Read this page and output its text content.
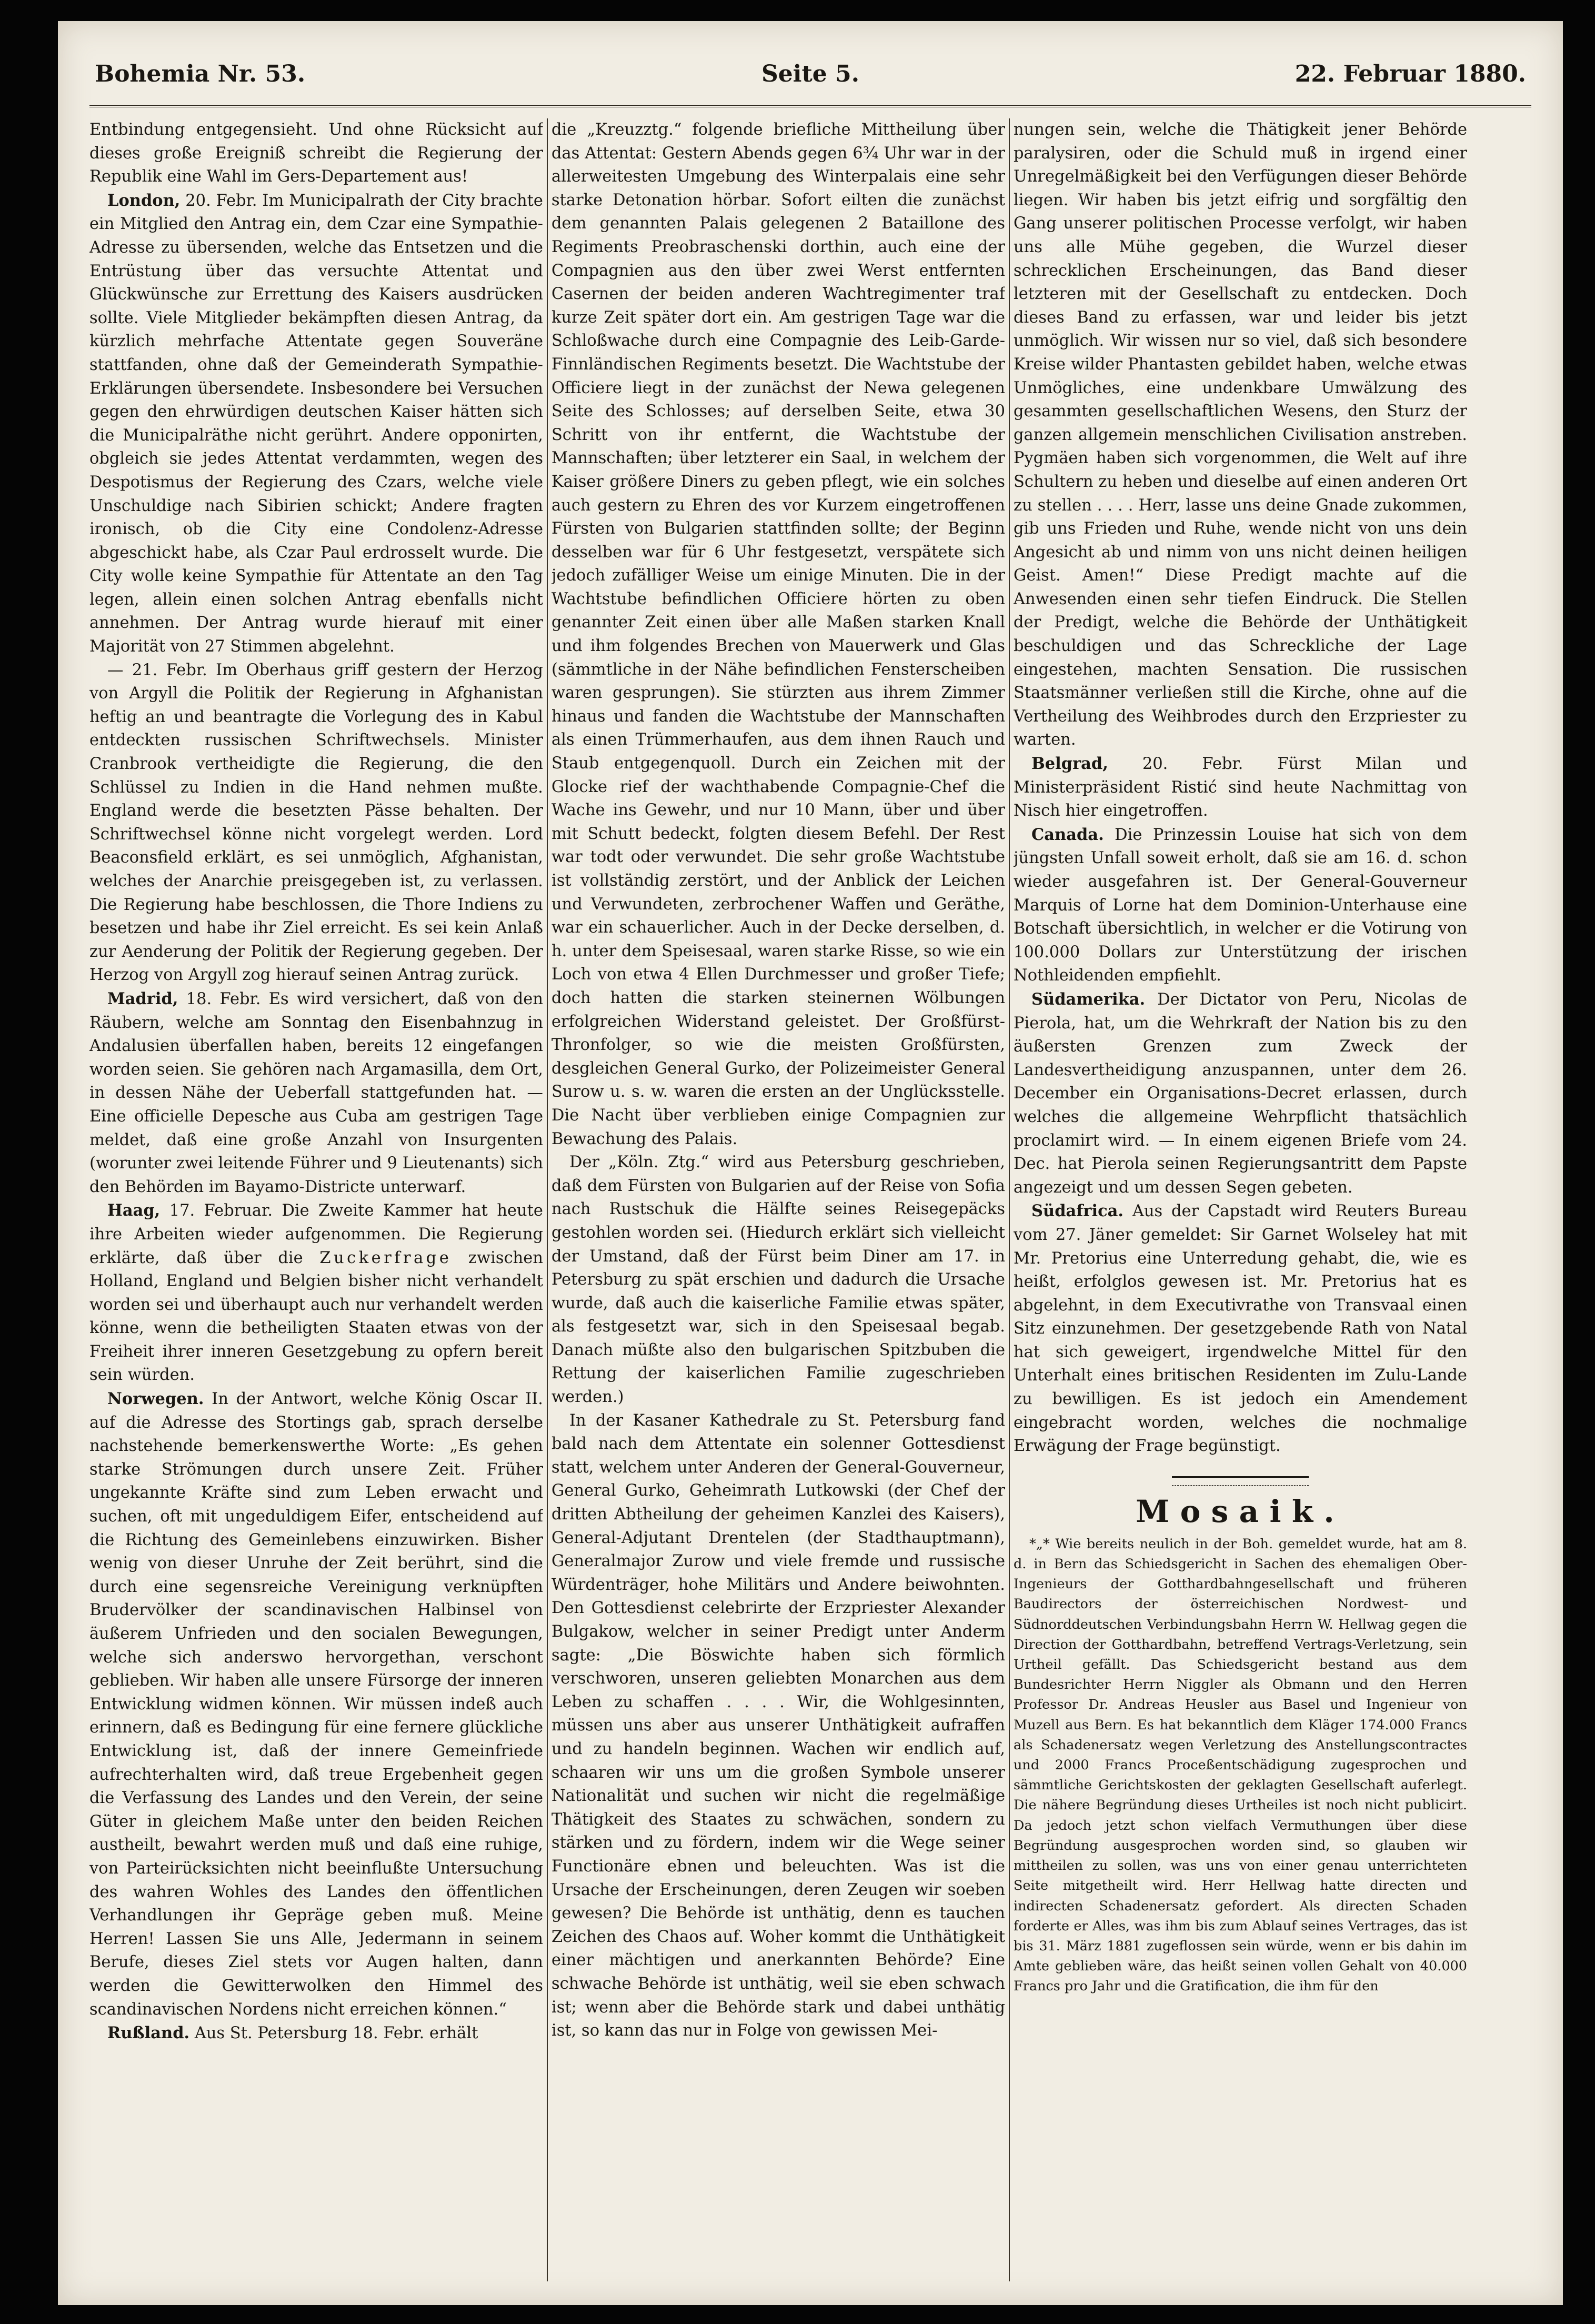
Bohemia Nr. 53.	Seite 5.	22. Februar 1880.

Entbindung entgegensieht. Und ohne Rücksicht auf dieses große Ereigniß schreibt die Regierung der Republik eine Wahl im Gers-Departement aus!

London, 20. Febr. Im Municipalrath der City brachte ein Mitglied den Antrag ein, dem Czar eine Sympathie-Adresse zu übersenden, welche das Entsetzen und die Entrüstung über das versuchte Attentat und Glückwünsche zur Errettung des Kaisers ausdrücken sollte. Viele Mitglieder bekämpften diesen Antrag, da kürzlich mehrfache Attentate gegen Souveräne stattfanden, ohne daß der Gemeinderath Sympathie-Erklärungen übersendete. Insbesondere bei Versuchen gegen den ehrwürdigen deutschen Kaiser hätten sich die Municipalräthe nicht gerührt. Andere opponirten, obgleich sie jedes Attentat verdammten, wegen des Despotismus der Regierung des Czars, welche viele Unschuldige nach Sibirien schickt; Andere fragten ironisch, ob die City eine Condolenz-Adresse abgeschickt habe, als Czar Paul erdrosselt wurde. Die City wolle keine Sympathie für Attentate an den Tag legen, allein einen solchen Antrag ebenfalls nicht annehmen. Der Antrag wurde hierauf mit einer Majorität von 27 Stimmen abgelehnt.

— 21. Febr. Im Oberhaus griff gestern der Herzog von Argyll die Politik der Regierung in Afghanistan heftig an und beantragte die Vorlegung des in Kabul entdeckten russischen Schriftwechsels. Minister Cranbrook vertheidigte die Regierung, die den Schlüssel zu Indien in die Hand nehmen mußte. England werde die besetzten Pässe behalten. Der Schriftwechsel könne nicht vorgelegt werden. Lord Beaconsfield erklärt, es sei unmöglich, Afghanistan, welches der Anarchie preisgegeben ist, zu verlassen. Die Regierung habe beschlossen, die Thore Indiens zu besetzen und habe ihr Ziel erreicht. Es sei kein Anlaß zur Aenderung der Politik der Regierung gegeben. Der Herzog von Argyll zog hierauf seinen Antrag zurück.

Madrid, 18. Febr. Es wird versichert, daß von den Räubern, welche am Sonntag den Eisenbahnzug in Andalusien überfallen haben, bereits 12 eingefangen worden seien. Sie gehören nach Argamasilla, dem Ort, in dessen Nähe der Ueberfall stattgefunden hat. — Eine officielle Depesche aus Cuba am gestrigen Tage meldet, daß eine große Anzahl von Insurgenten (worunter zwei leitende Führer und 9 Lieutenants) sich den Behörden im Bayamo-Districte unterwarf.

Haag, 17. Februar. Die Zweite Kammer hat heute ihre Arbeiten wieder aufgenommen. Die Regierung erklärte, daß über die Zuckerfrage zwischen Holland, England und Belgien bisher nicht verhandelt worden sei und überhaupt auch nur verhandelt werden könne, wenn die betheiligten Staaten etwas von der Freiheit ihrer inneren Gesetzgebung zu opfern bereit sein würden.

Norwegen. In der Antwort, welche König Oscar II. auf die Adresse des Stortings gab, sprach derselbe nachstehende bemerkenswerthe Worte: „Es gehen starke Strömungen durch unsere Zeit. Früher ungekannte Kräfte sind zum Leben erwacht und suchen, oft mit ungeduldigem Eifer, entscheidend auf die Richtung des Gemeinlebens einzuwirken. Bisher wenig von dieser Unruhe der Zeit berührt, sind die durch eine segensreiche Vereinigung verknüpften Brudervölker der scandinavischen Halbinsel von äußerem Unfrieden und den socialen Bewegungen, welche sich anderswo hervorgethan, verschont geblieben. Wir haben alle unsere Fürsorge der inneren Entwicklung widmen können. Wir müssen indeß auch erinnern, daß es Bedingung für eine fernere glückliche Entwicklung ist, daß der innere Gemeinfriede aufrechterhalten wird, daß treue Ergebenheit gegen die Verfassung des Landes und den Verein, der seine Güter in gleichem Maße unter den beiden Reichen austheilt, bewahrt werden muß und daß eine ruhige, von Parteirücksichten nicht beeinflußte Untersuchung des wahren Wohles des Landes den öffentlichen Verhandlungen ihr Gepräge geben muß. Meine Herren! Lassen Sie uns Alle, Jedermann in seinem Berufe, dieses Ziel stets vor Augen halten, dann werden die Gewitterwolken den Himmel des scandinavischen Nordens nicht erreichen können.“

Rußland. Aus St. Petersburg 18. Febr. erhält

die „Kreuzztg.“ folgende briefliche Mittheilung über das Attentat: Gestern Abends gegen 6¾ Uhr war in der allerweitesten Umgebung des Winterpalais eine sehr starke Detonation hörbar. Sofort eilten die zunächst dem genannten Palais gelegenen 2 Bataillone des Regiments Preobraschenski dorthin, auch eine der Compagnien aus den über zwei Werst entfernten Casernen der beiden anderen Wachtregimenter traf kurze Zeit später dort ein. Am gestrigen Tage war die Schloßwache durch eine Compagnie des Leib-Garde-Finnländischen Regiments besetzt. Die Wachtstube der Officiere liegt in der zunächst der Newa gelegenen Seite des Schlosses; auf derselben Seite, etwa 30 Schritt von ihr entfernt, die Wachtstube der Mannschaften; über letzterer ein Saal, in welchem der Kaiser größere Diners zu geben pflegt, wie ein solches auch gestern zu Ehren des vor Kurzem eingetroffenen Fürsten von Bulgarien stattfinden sollte; der Beginn desselben war für 6 Uhr festgesetzt, verspätete sich jedoch zufälliger Weise um einige Minuten. Die in der Wachtstube befindlichen Officiere hörten zu oben genannter Zeit einen über alle Maßen starken Knall und ihm folgendes Brechen von Mauerwerk und Glas (sämmtliche in der Nähe befindlichen Fensterscheiben waren gesprungen). Sie stürzten aus ihrem Zimmer hinaus und fanden die Wachtstube der Mannschaften als einen Trümmerhaufen, aus dem ihnen Rauch und Staub entgegenquoll. Durch ein Zeichen mit der Glocke rief der wachthabende Compagnie-Chef die Wache ins Gewehr, und nur 10 Mann, über und über mit Schutt bedeckt, folgten diesem Befehl. Der Rest war todt oder verwundet. Die sehr große Wachtstube ist vollständig zerstört, und der Anblick der Leichen und Verwundeten, zerbrochener Waffen und Geräthe, war ein schauerlicher. Auch in der Decke derselben, d. h. unter dem Speisesaal, waren starke Risse, so wie ein Loch von etwa 4 Ellen Durchmesser und großer Tiefe; doch hatten die starken steinernen Wölbungen erfolgreichen Widerstand geleistet. Der Großfürst-Thronfolger, so wie die meisten Großfürsten, desgleichen General Gurko, der Polizeimeister General Surow u. s. w. waren die ersten an der Unglücksstelle. Die Nacht über verblieben einige Compagnien zur Bewachung des Palais.

Der „Köln. Ztg.“ wird aus Petersburg geschrieben, daß dem Fürsten von Bulgarien auf der Reise von Sofia nach Rustschuk die Hälfte seines Reisegepäcks gestohlen worden sei. (Hiedurch erklärt sich vielleicht der Umstand, daß der Fürst beim Diner am 17. in Petersburg zu spät erschien und dadurch die Ursache wurde, daß auch die kaiserliche Familie etwas später, als festgesetzt war, sich in den Speisesaal begab. Danach müßte also den bulgarischen Spitzbuben die Rettung der kaiserlichen Familie zugeschrieben werden.)

In der Kasaner Kathedrale zu St. Petersburg fand bald nach dem Attentate ein solenner Gottesdienst statt, welchem unter Anderen der General-Gouverneur, General Gurko, Geheimrath Lutkowski (der Chef der dritten Abtheilung der geheimen Kanzlei des Kaisers), General-Adjutant Drentelen (der Stadthauptmann), Generalmajor Zurow und viele fremde und russische Würdenträger, hohe Militärs und Andere beiwohnten. Den Gottesdienst celebrirte der Erzpriester Alexander Bulgakow, welcher in seiner Predigt unter Anderm sagte: „Die Böswichte haben sich förmlich verschworen, unseren geliebten Monarchen aus dem Leben zu schaffen . . . . Wir, die Wohlgesinnten, müssen uns aber aus unserer Unthätigkeit aufraffen und zu handeln beginnen. Wachen wir endlich auf, schaaren wir uns um die großen Symbole unserer Nationalität und suchen wir nicht die regelmäßige Thätigkeit des Staates zu schwächen, sondern zu stärken und zu fördern, indem wir die Wege seiner Functionäre ebnen und beleuchten. Was ist die Ursache der Erscheinungen, deren Zeugen wir soeben gewesen? Die Behörde ist unthätig, denn es tauchen Zeichen des Chaos auf. Woher kommt die Unthätigkeit einer mächtigen und anerkannten Behörde? Eine schwache Behörde ist unthätig, weil sie eben schwach ist; wenn aber die Behörde stark und dabei unthätig ist, so kann das nur in Folge von gewissen Mei-

nungen sein, welche die Thätigkeit jener Behörde paralysiren, oder die Schuld muß in irgend einer Unregelmäßigkeit bei den Verfügungen dieser Behörde liegen. Wir haben bis jetzt eifrig und sorgfältig den Gang unserer politischen Processe verfolgt, wir haben uns alle Mühe gegeben, die Wurzel dieser schrecklichen Erscheinungen, das Band dieser letzteren mit der Gesellschaft zu entdecken. Doch dieses Band zu erfassen, war und leider bis jetzt unmöglich. Wir wissen nur so viel, daß sich besondere Kreise wilder Phantasten gebildet haben, welche etwas Unmögliches, eine undenkbare Umwälzung des gesammten gesellschaftlichen Wesens, den Sturz der ganzen allgemein menschlichen Civilisation anstreben. Pygmäen haben sich vorgenommen, die Welt auf ihre Schultern zu heben und dieselbe auf einen anderen Ort zu stellen . . . . Herr, lasse uns deine Gnade zukommen, gib uns Frieden und Ruhe, wende nicht von uns dein Angesicht ab und nimm von uns nicht deinen heiligen Geist. Amen!“ Diese Predigt machte auf die Anwesenden einen sehr tiefen Eindruck. Die Stellen der Predigt, welche die Behörde der Unthätigkeit beschuldigen und das Schreckliche der Lage eingestehen, machten Sensation. Die russischen Staatsmänner verließen still die Kirche, ohne auf die Vertheilung des Weihbrodes durch den Erzpriester zu warten.

Belgrad, 20. Febr. Fürst Milan und Ministerpräsident Ristić sind heute Nachmittag von Nisch hier eingetroffen.

Canada. Die Prinzessin Louise hat sich von dem jüngsten Unfall soweit erholt, daß sie am 16. d. schon wieder ausgefahren ist. Der General-Gouverneur Marquis of Lorne hat dem Dominion-Unterhause eine Botschaft übersichtlich, in welcher er die Votirung von 100.000 Dollars zur Unterstützung der irischen Nothleidenden empfiehlt.

Südamerika. Der Dictator von Peru, Nicolas de Pierola, hat, um die Wehrkraft der Nation bis zu den äußersten Grenzen zum Zweck der Landesvertheidigung anzuspannen, unter dem 26. December ein Organisations-Decret erlassen, durch welches die allgemeine Wehrpflicht thatsächlich proclamirt wird. — In einem eigenen Briefe vom 24. Dec. hat Pierola seinen Regierungsantritt dem Papste angezeigt und um dessen Segen gebeten.

Südafrica. Aus der Capstadt wird Reuters Bureau vom 27. Jäner gemeldet: Sir Garnet Wolseley hat mit Mr. Pretorius eine Unterredung gehabt, die, wie es heißt, erfolglos gewesen ist. Mr. Pretorius hat es abgelehnt, in dem Executivrathe von Transvaal einen Sitz einzunehmen. Der gesetzgebende Rath von Natal hat sich geweigert, irgendwelche Mittel für den Unterhalt eines britischen Residenten im Zulu-Lande zu bewilligen. Es ist jedoch ein Amendement eingebracht worden, welches die nochmalige Erwägung der Frage begünstigt.

Mosaik.

*„* Wie bereits neulich in der Boh. gemeldet wurde, hat am 8. d. in Bern das Schiedsgericht in Sachen des ehemaligen Ober-Ingenieurs der Gotthardbahngesellschaft und früheren Baudirectors der österreichischen Nordwest- und Südnorddeutschen Verbindungsbahn Herrn W. Hellwag gegen die Direction der Gotthardbahn, betreffend Vertrags-Verletzung, sein Urtheil gefällt. Das Schiedsgericht bestand aus dem Bundesrichter Herrn Niggler als Obmann und den Herren Professor Dr. Andreas Heusler aus Basel und Ingenieur von Muzell aus Bern. Es hat bekanntlich dem Kläger 174.000 Francs als Schadenersatz wegen Verletzung des Anstellungscontractes und 2000 Francs Proceßentschädigung zugesprochen und sämmtliche Gerichtskosten der geklagten Gesellschaft auferlegt. Die nähere Begründung dieses Urtheiles ist noch nicht publicirt. Da jedoch jetzt schon vielfach Vermuthungen über diese Begründung ausgesprochen worden sind, so glauben wir mittheilen zu sollen, was uns von einer genau unterrichteten Seite mitgetheilt wird. Herr Hellwag hatte directen und indirecten Schadenersatz gefordert. Als directen Schaden forderte er Alles, was ihm bis zum Ablauf seines Vertrages, das ist bis 31. März 1881 zugeflossen sein würde, wenn er bis dahin im Amte geblieben wäre, das heißt seinen vollen Gehalt von 40.000 Francs pro Jahr und die Gratification, die ihm für den
